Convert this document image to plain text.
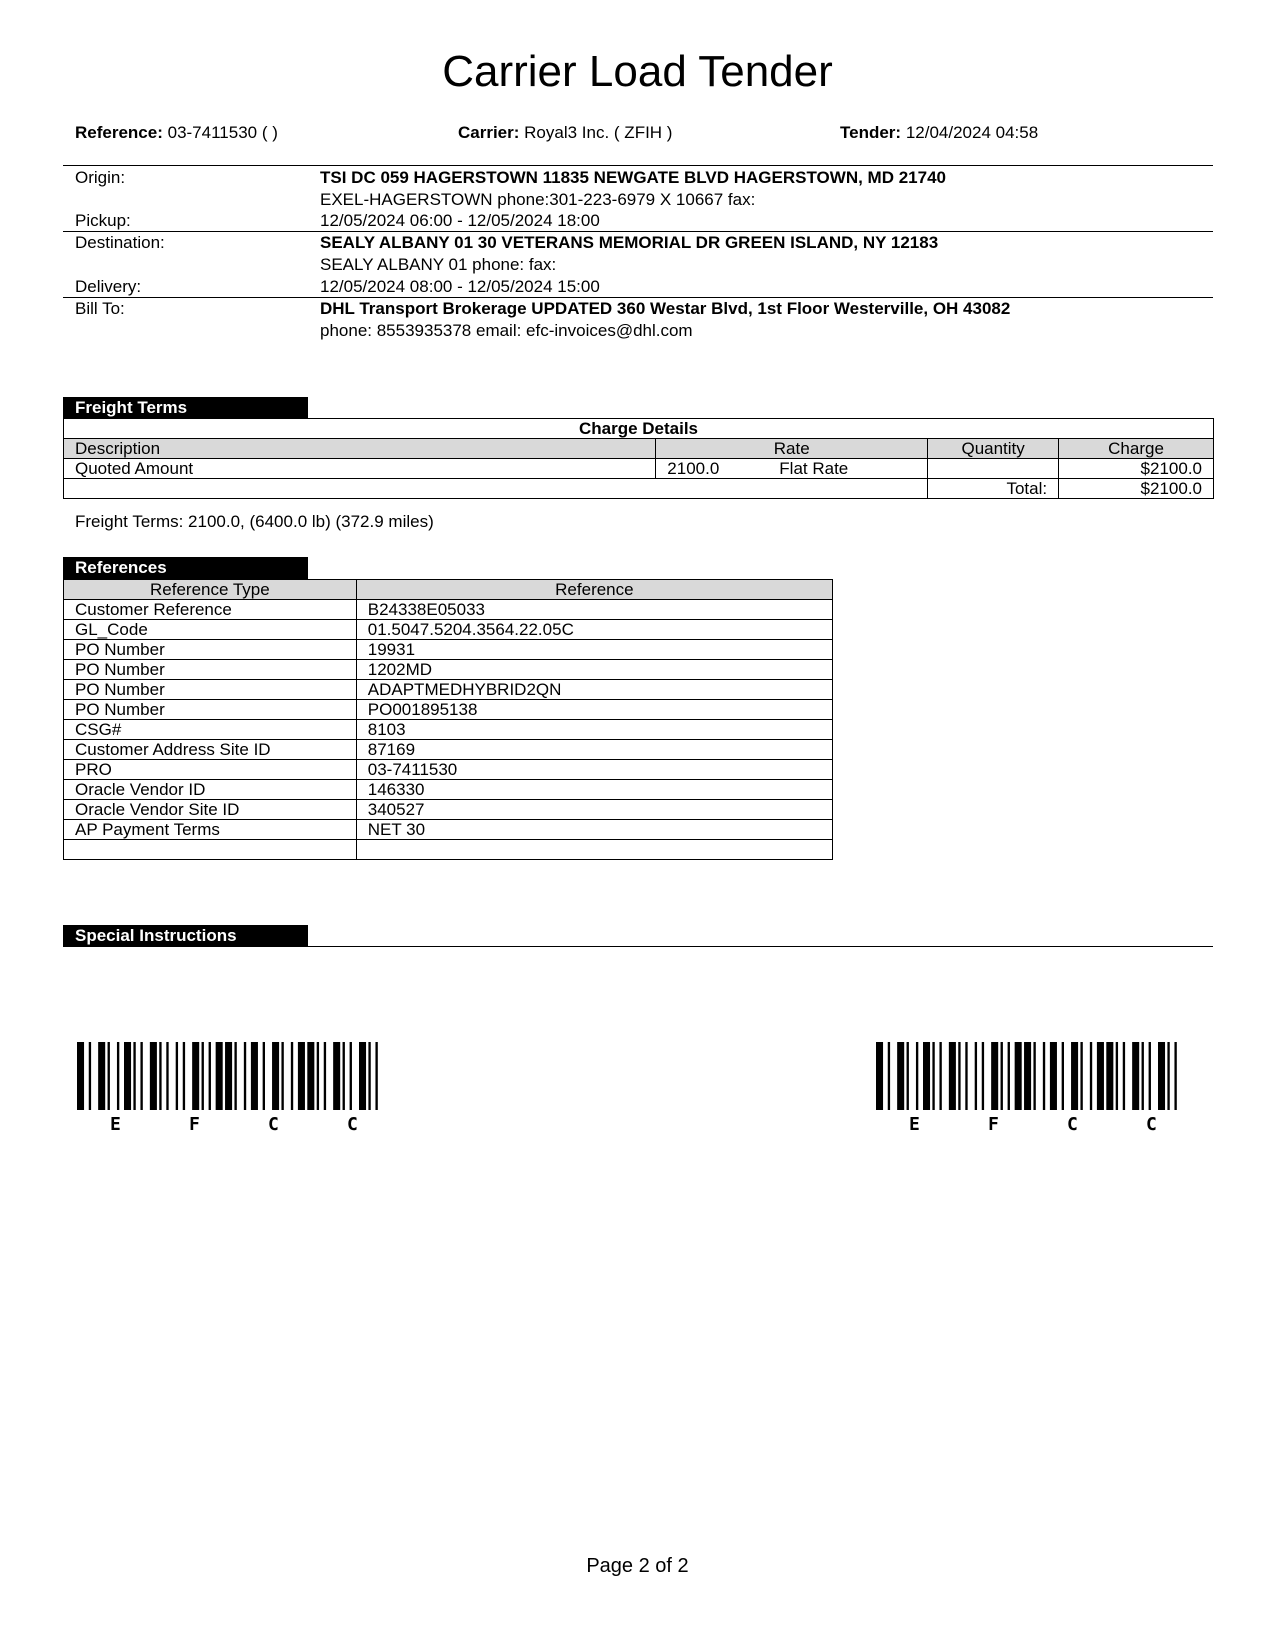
Carrier Load Tender
Reference: 03-7411530 ( )	Carrier: Royal3 Inc. ( ZFIH )	Tender: 12/04/2024 04:58
Origin:	TSI DC 059 HAGERSTOWN 11835 NEWGATE BLVD HAGERSTOWN, MD 21740
EXEL-HAGERSTOWN phone:301-223-6979 X 10667 fax:
Pickup:	12/05/2024 06:00 - 12/05/2024 18:00
Destination:	SEALY ALBANY 01 30 VETERANS MEMORIAL DR GREEN ISLAND, NY 12183
SEALY ALBANY 01 phone: fax:
Delivery:	12/05/2024 08:00 - 12/05/2024 15:00
Bill To:	DHL Transport Brokerage UPDATED 360 Westar Blvd, 1st Floor Westerville, OH 43082
phone: 8553935378 email: efc-invoices@dhl.com
Freight Terms
Charge Details			
Description	Rate	Quantity	Charge
Quoted Amount	2100.0 Flat Rate		$2100.0
		Total:	$2100.0
Freight Terms: 2100.0, (6400.0 lb) (372.9 miles)
References
Reference Type	Reference
Customer Reference	B24338E05033
GL_Code	01.5047.5204.3564.22.05C
PO Number	19931
PO Number	1202MD
PO Number	ADAPTMEDHYBRID2QN
PO Number	PO001895138
CSG#	8103
Customer Address Site ID	87169
PRO	03-7411530
Oracle Vendor ID	146330
Oracle Vendor Site ID	340527
AP Payment Terms	NET 30

Special Instructions
E	F	C	C	E	F	C	C
Page 2 of 2
